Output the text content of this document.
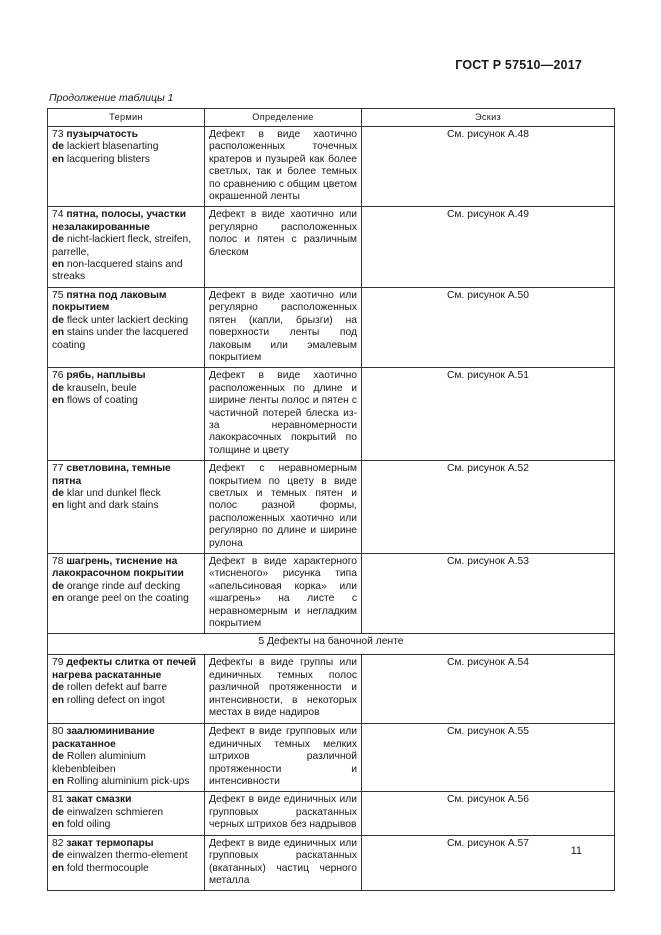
ГОСТ Р 57510—2017
Продолжение таблицы 1
Термин	Определение	Эскиз

73 пузырчатость
de lackiert blasenarting
en lacquering blisters	Дефект в виде хаотично расположенных точечных кратеров и пузырей как более светлых, так и более темных по сравнению с общим цветом окрашенной ленты	См. рисунок А.48

74 пятна, полосы, участки незалакированные
de nicht-lackiert fleck, streifen, parrelle,
en non-lacquered stains and streaks	Дефект в виде хаотично или регулярно расположенных полос и пятен с различным блеском	См. рисунок А.49

75 пятна под лаковым покрытием
de fleck unter lackiert decking
en stains under the lacquered coating	Дефект в виде хаотично или регулярно расположенных пятен (капли, брызги) на поверхности ленты под лаковым или эмалевым покрытием	См. рисунок А.50

76 рябь, наплывы
de krauseln, beule
en flows of coating	Дефект в виде хаотично расположенных по длине и ширине ленты полос и пятен с частичной потерей блеска из-за неравномерности лакокрасочных покрытий по толщине и цвету	См. рисунок А.51

77 светловина, темные пятна
de klar und dunkel fleck
en light and dark stains	Дефект с неравномерным покрытием по цвету в виде светлых и темных пятен и полос разной формы, расположенных хаотично или регулярно по длине и ширине рулона	См. рисунок А.52

78 шагрень, тиснение на лакокрасочном покрытии
de orange rinde auf decking
en orange peel on the coating	Дефект в виде характерного «тисненого» рисунка типа «апельсиновая корка» или «шагрень» на листе с неравномерным и негладким покрытием	См. рисунок А.53
5 Дефекты на баночной ленте		

79 дефекты слитка от печей нагрева раскатанные
de rollen defekt auf barre
en rolling defect on ingot	Дефекты в виде группы или единичных темных полос различной протяженности и интенсивности, в некоторых местах в виде надиров	См. рисунок А.54

80 заалюминивание раскатанное
de Rollen aluminium klebenbleiben
en Rolling aluminium pick-ups	Дефект в виде групповых или единичных темных мелких штрихов различной протяженности и интенсивности	См. рисунок А.55

81 закат смазки
de einwalzen schmieren
en fold oiling	Дефект в виде единичных или групповых раскатанных черных штрихов без надрывов	См. рисунок А.56

82 закат термопары
de einwalzen thermo-element
en fold thermocouple	Дефект в виде единичных или групповых раскатанных (вкатанных) частиц черного металла	См. рисунок А.57
11
